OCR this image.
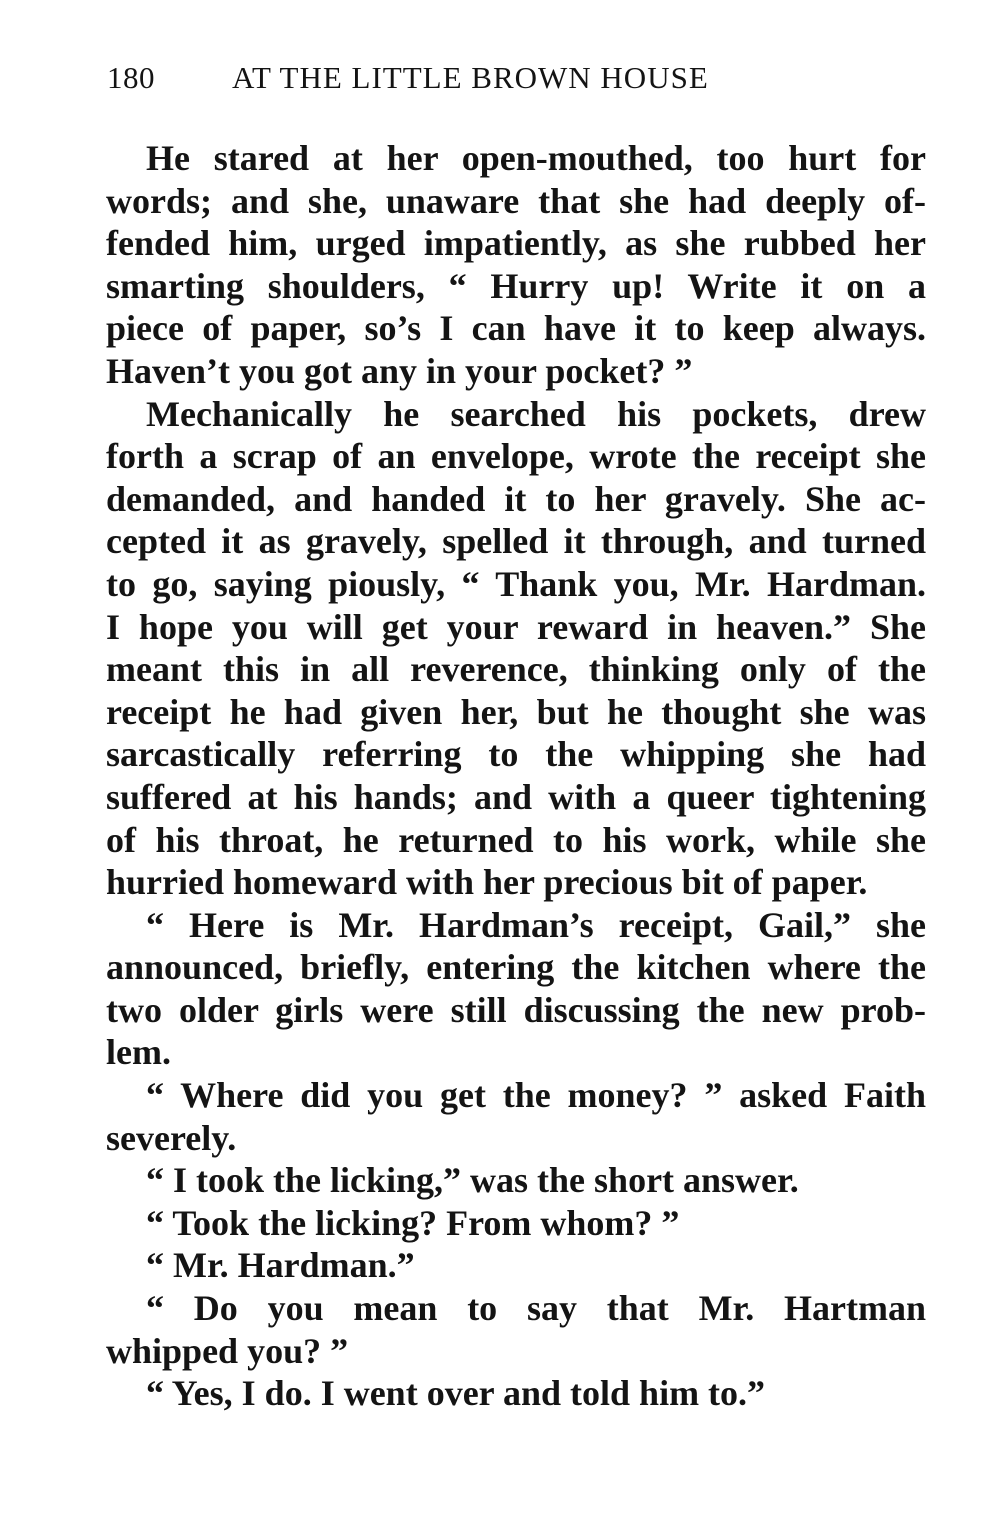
180 AT THE LITTLE BROWN HOUSE
He stared at her open-mouthed, too hurt for
words; and she, unaware that she had deeply of-
fended him, urged impatiently, as she rubbed her
smarting shoulders, “ Hurry up! Write it on a
piece of paper, so’s I can have it to keep always.
Haven’t you got any in your pocket? ”
Mechanically he searched his pockets, drew
forth a scrap of an envelope, wrote the receipt she
demanded, and handed it to her gravely. She ac-
cepted it as gravely, spelled it through, and turned
to go, saying piously, “ Thank you, Mr. Hardman.
I hope you will get your reward in heaven.” She
meant this in all reverence, thinking only of the
receipt he had given her, but he thought she was
sarcastically referring to the whipping she had
suffered at his hands; and with a queer tightening
of his throat, he returned to his work, while she
hurried homeward with her precious bit of paper.
“ Here is Mr. Hardman’s receipt, Gail,” she
announced, briefly, entering the kitchen where the
two older girls were still discussing the new prob-
lem.
“ Where did you get the money? ” asked Faith
severely.
“ I took the licking,” was the short answer.
“ Took the licking? From whom? ”
“ Mr. Hardman.”
“ Do you mean to say that Mr. Hartman
whipped you? ”
“ Yes, I do. I went over and told him to.”
